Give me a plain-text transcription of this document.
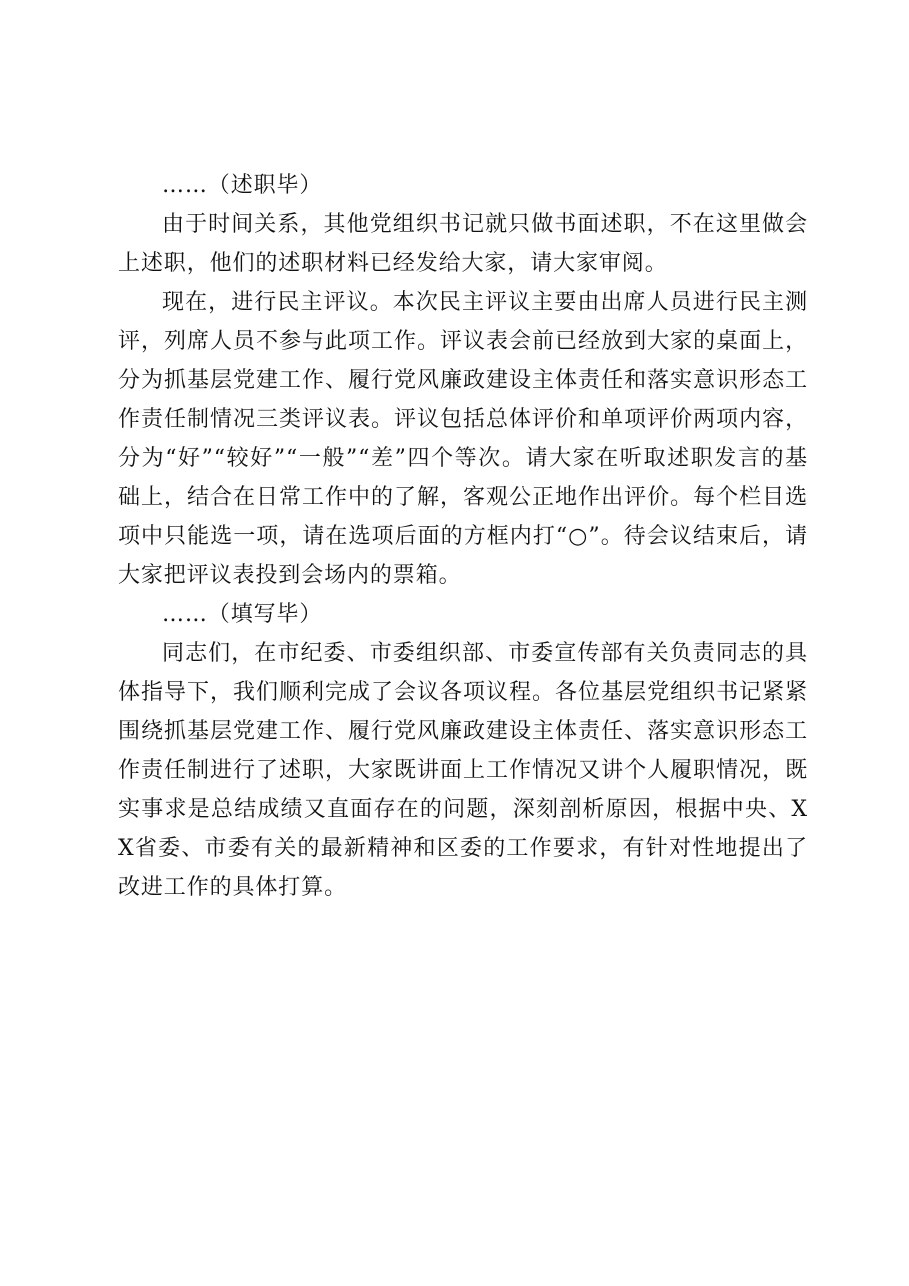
……（述职毕）

由于时间关系，其他党组织书记就只做书面述职，不在这里做会上述职，他们的述职材料已经发给大家，请大家审阅。

现在，进行民主评议。本次民主评议主要由出席人员进行民主测评，列席人员不参与此项工作。评议表会前已经放到大家的桌面上，分为抓基层党建工作、履行党风廉政建设主体责任和落实意识形态工作责任制情况三类评议表。评议包括总体评价和单项评价两项内容，分为“好”“较好”“一般”“差”四个等次。请大家在听取述职发言的基础上，结合在日常工作中的了解，客观公正地作出评价。每个栏目选项中只能选一项，请在选项后面的方框内打“○”。待会议结束后，请大家把评议表投到会场内的票箱。

……（填写毕）

同志们，在市纪委、市委组织部、市委宣传部有关负责同志的具体指导下，我们顺利完成了会议各项议程。各位基层党组织书记紧紧围绕抓基层党建工作、履行党风廉政建设主体责任、落实意识形态工作责任制进行了述职，大家既讲面上工作情况又讲个人履职情况，既实事求是总结成绩又直面存在的问题，深刻剖析原因，根据中央、XX省委、市委有关的最新精神和区委的工作要求，有针对性地提出了改进工作的具体打算。
